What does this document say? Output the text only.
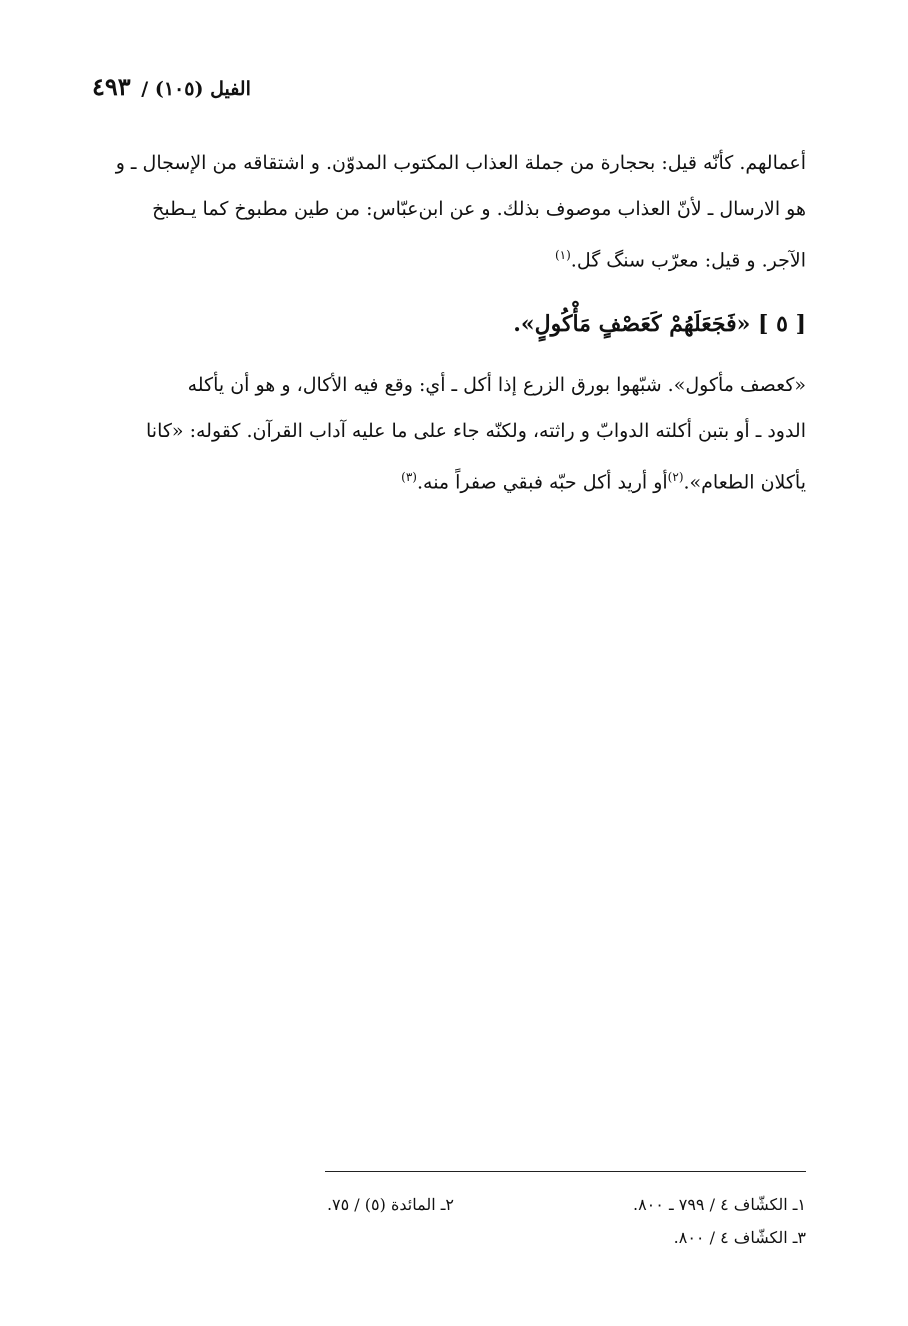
الفيل (١٠٥) / ٤٩٣
أعمالهم. كأنّه قيل: بحجارة من جملة العذاب المكتوب المدوّن. و اشتقاقه من الإسجال ـ و
هو الارسال ـ لأنّ العذاب موصوف بذلك. و عن ابن‌عبّاس: من طين مطبوخ كما يـطبخ
الآجر. و قيل: معرّب سنگ گل.$^{(١)}$
[ ٥ ] «فَجَعَلَهُمْ كَعَصْفٍ مَأْكُولٍ».
«كعصف مأكول». شبّهوا بورق الزرع إذا أكل ـ أي: وقع فيه الأكال، و هو أن يأكله
الدود ـ أو بتبن أكلته الدوابّ و راثته، ولكنّه جاء على ما عليه آداب القرآن. كقوله: «كانا
يأكلان الطعام».$^{(٢)}$أو أريد أكل حبّه فبقي صفراً منه.$^{(٣)}$
١ـ الكشّاف ٤ / ٧٩٩ ـ ٨٠٠.
٢ـ المائدة (٥) / ٧٥.
٣ـ الكشّاف ٤ / ٨٠٠.
